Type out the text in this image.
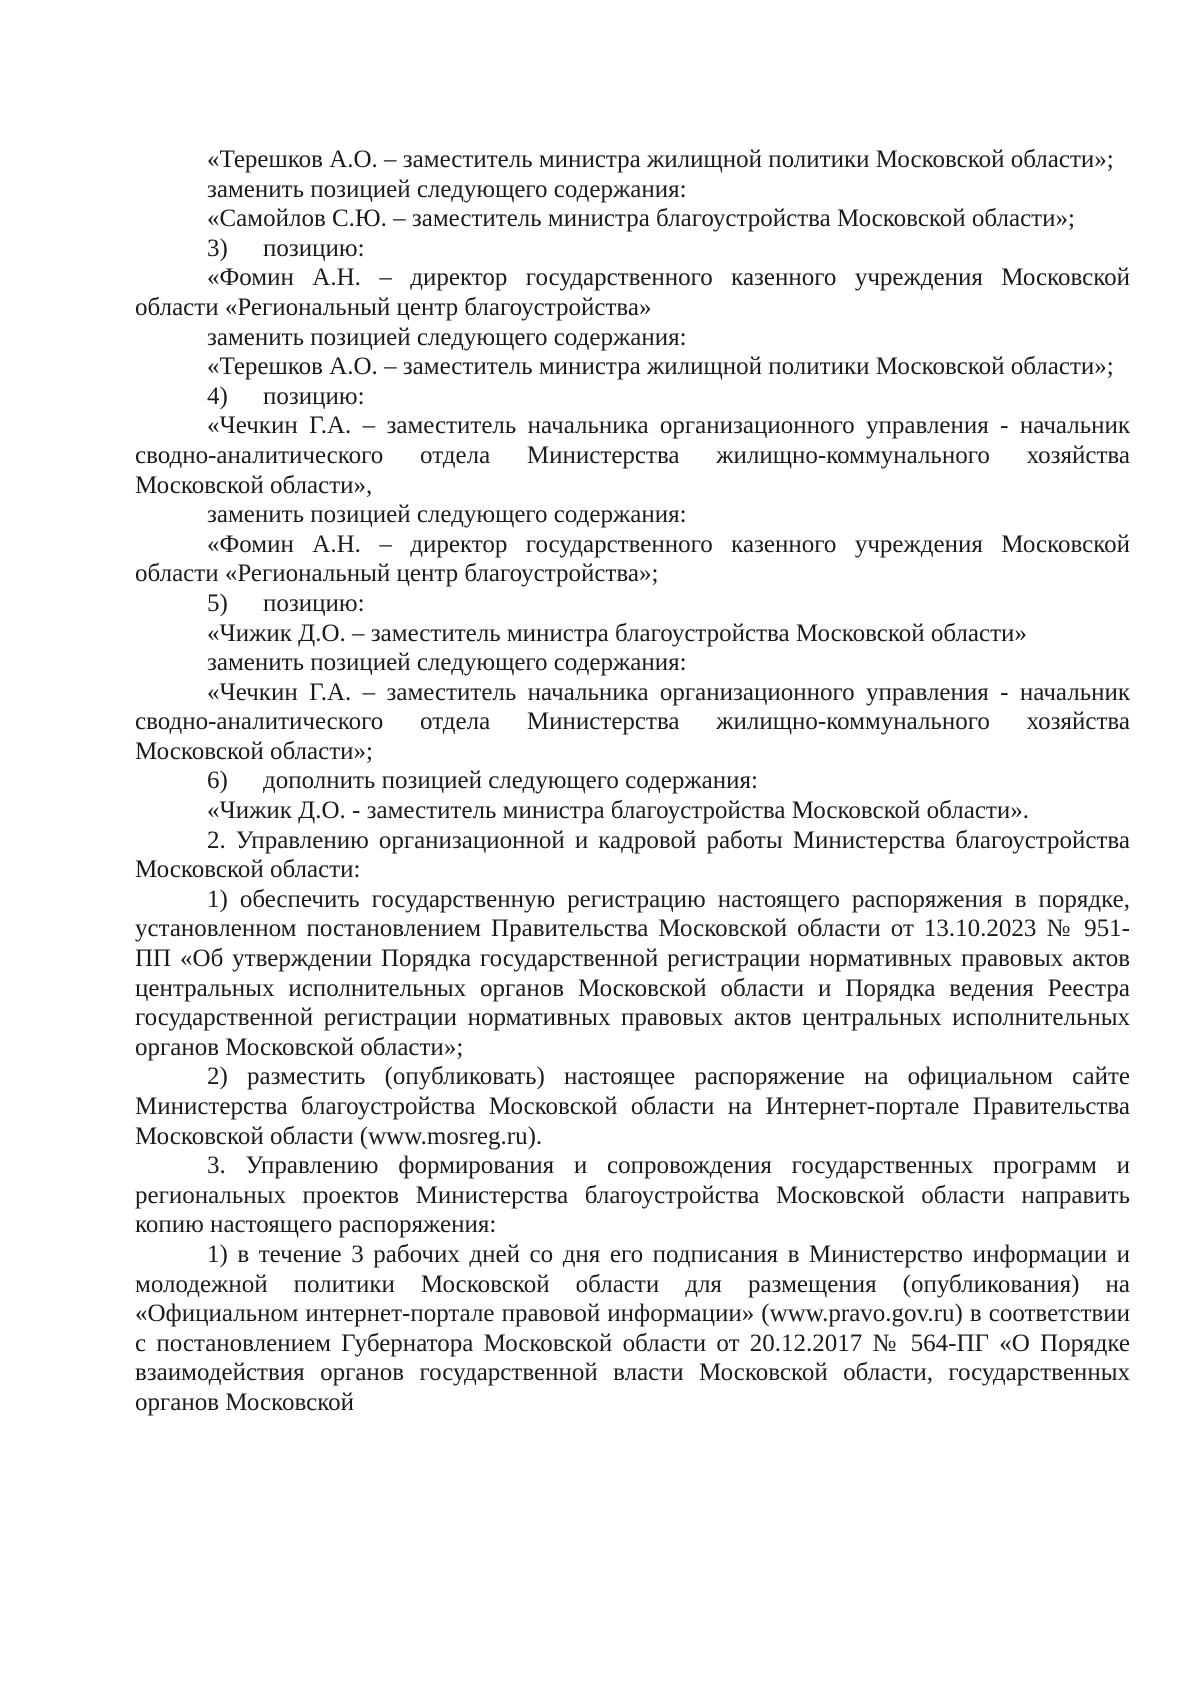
«Терешков А.О. – заместитель министра жилищной политики Московской области»;

заменить позицией следующего содержания:

«Самойлов С.Ю. – заместитель министра благоустройства Московской области»;

3) позицию:

«Фомин А.Н. – директор государственного казенного учреждения Московской области «Региональный центр благоустройства»

заменить позицией следующего содержания:

«Терешков А.О. – заместитель министра жилищной политики Московской области»;

4) позицию:

«Чечкин Г.А. – заместитель начальника организационного управления - начальник сводно-аналитического отдела Министерства жилищно-коммунального хозяйства Московской области»,

заменить позицией следующего содержания:

«Фомин А.Н. – директор государственного казенного учреждения Московской области «Региональный центр благоустройства»;

5) позицию:

«Чижик Д.О. – заместитель министра благоустройства Московской области»

заменить позицией следующего содержания:

«Чечкин Г.А. – заместитель начальника организационного управления - начальник сводно-аналитического отдела Министерства жилищно-коммунального хозяйства Московской области»;

6) дополнить позицией следующего содержания:

«Чижик Д.О. - заместитель министра благоустройства Московской области».

2. Управлению организационной и кадровой работы Министерства благоустройства Московской области:

1) обеспечить государственную регистрацию настоящего распоряжения в порядке, установленном постановлением Правительства Московской области от 13.10.2023 № 951-ПП «Об утверждении Порядка государственной регистрации нормативных правовых актов центральных исполнительных органов Московской области и Порядка ведения Реестра государственной регистрации нормативных правовых актов центральных исполнительных органов Московской области»;

2) разместить (опубликовать) настоящее распоряжение на официальном сайте Министерства благоустройства Московской области на Интернет-портале Правительства Московской области (www.mosreg.ru).

3. Управлению формирования и сопровождения государственных программ и региональных проектов Министерства благоустройства Московской области направить копию настоящего распоряжения:

1) в течение 3 рабочих дней со дня его подписания в Министерство информации и молодежной политики Московской области для размещения (опубликования) на «Официальном интернет-портале правовой информации» (www.pravo.gov.ru) в соответствии с постановлением Губернатора Московской области от 20.12.2017 № 564-ПГ «О Порядке взаимодействия органов государственной власти Московской области, государственных органов Московской
